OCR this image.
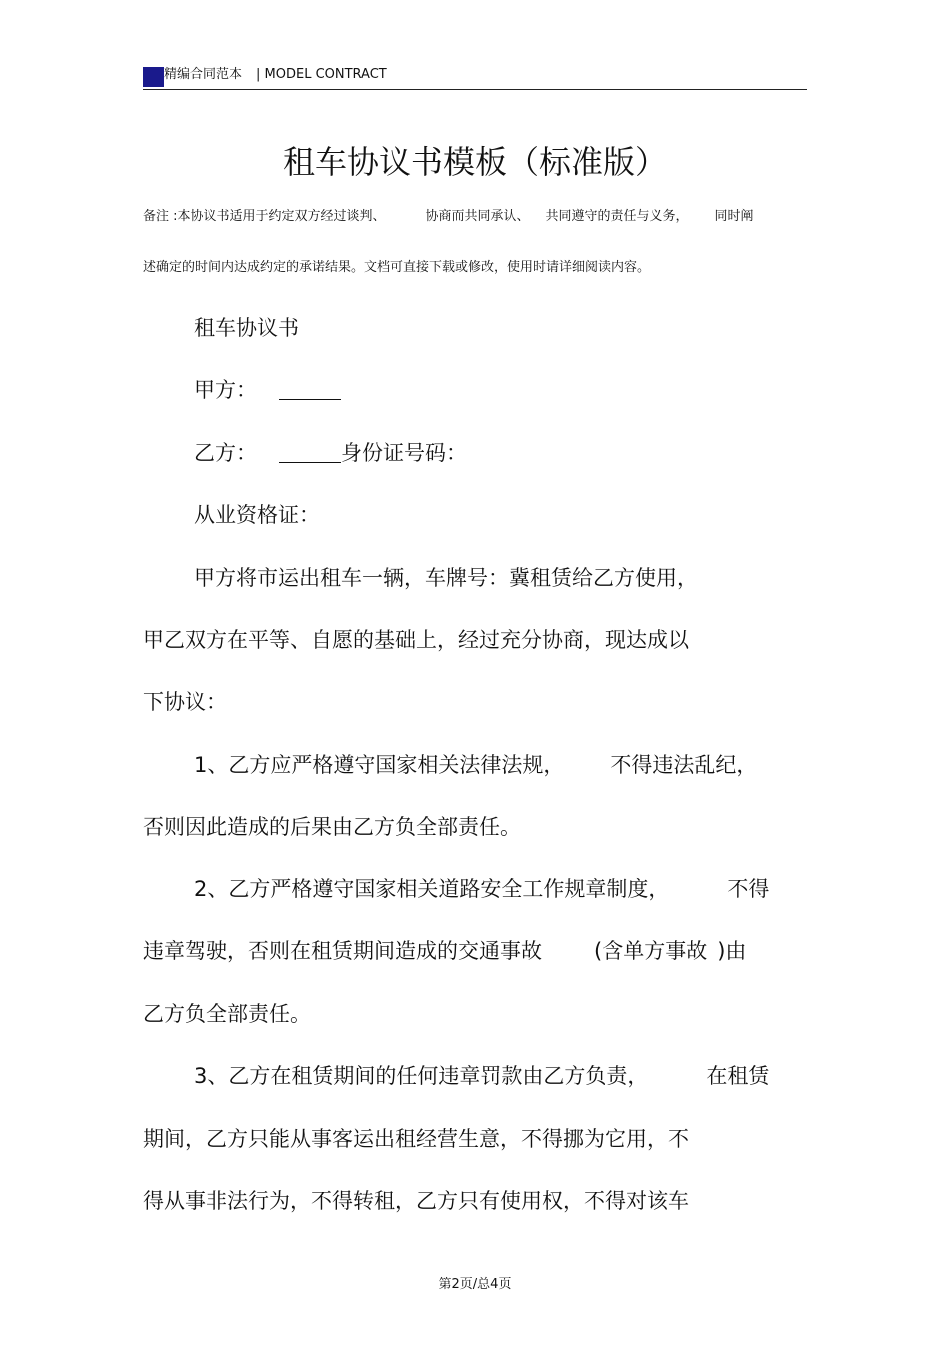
精编合同范本 | MODEL CONTRACT
租车协议书模板（标准版）
备注 :本协议书适用于约定双方经过谈判、	协商而共同承认、 共同遵守的责任与义务， 同时阐
述确定的时间内达成约定的承诺结果。文档可直接下载或修改，使用时请详细阅读内容。
租车协议书
甲方：
乙方：	身份证号码：
从业资格证：
甲方将市运出租车一辆，车牌号：冀租赁给乙方使用，
甲乙双方在平等、自愿的基础上，经过充分协商，现达成以
下协议：
1、乙方应严格遵守国家相关法律法规， 不得违法乱纪，
否则因此造成的后果由乙方负全部责任。
2、乙方严格遵守国家相关道路安全工作规章制度，	不得
违章驾驶，否则在租赁期间造成的交通事故 (含单方事故 )由
乙方负全部责任。
3、乙方在租赁期间的任何违章罚款由乙方负责，	在租赁
期间，乙方只能从事客运出租经营生意，不得挪为它用，不
得从事非法行为，不得转租，乙方只有使用权，不得对该车
第2页/总4页
